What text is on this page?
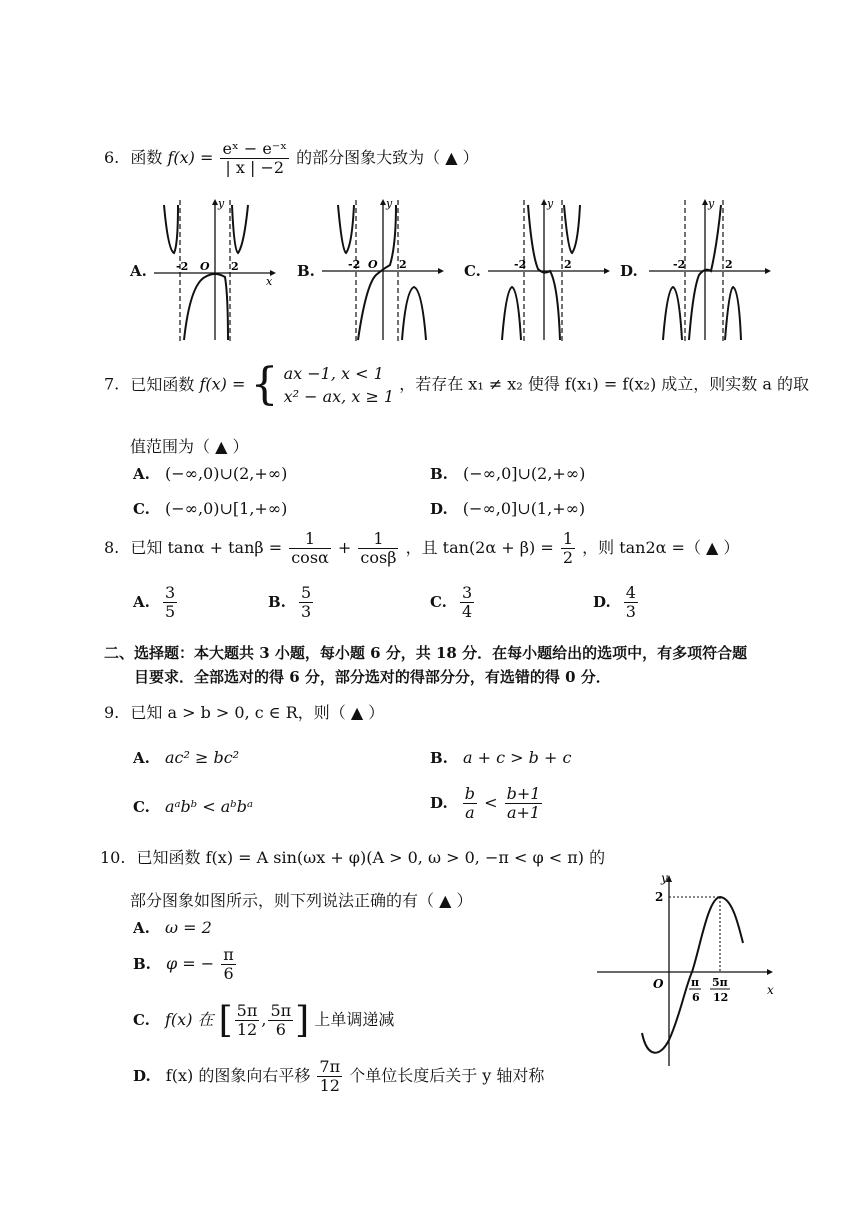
6. 函数 $f(x) = \frac{\text{eˣ − e⁻ˣ}}{| x | -2}$ 的部分图象大致为（ ▲ ）
A.	B.	C.	D.
y
x
-2 O 2
y
-2 O 2
y
-2	2
y
-2	2
7. 已知函数 f(x) = { ax −1, x < 1
x² − ax, x ≥ 1
，若存在 x₁ ≠ x₂ 使得 f(x₁) = f(x₂) 成立，则实数 a 的取
值范围为（ ▲ ）
A. (−∞,0)∪(2,+∞)	B. (−∞,0]∪(2,+∞)
C. (−∞,0)∪[1,+∞)	D. (−∞,0]∪(1,+∞)
8. 已知 $\tan\alpha + \tan\beta = \frac{1}{\cos\alpha} + \frac{1}{\cos\beta}$ ，且 $\tan(2\alpha + \beta) = \frac{1}{2}$ ，则 tan2α =（ ▲ ）
A. $\frac{3}{5}$	B. $\frac{5}{3}$	C. $\frac{3}{4}$	D. $\frac{4}{3}$
二、选择题：本大题共 3 小题，每小题 6 分，共 18 分．在每小题给出的选项中，有多项符合题
目要求．全部选对的得 6 分，部分选对的得部分分，有选错的得 0 分．
9. 已知 a > b > 0, c ∈ R，则（ ▲ ）
A. ac² ≥ bc²	B. a + c > b + c
C. aᵃbᵇ < aᵇbᵃ	D. $\frac{b}{a} < \frac{b+1}{a+1}$
10. 已知函数 f(x) = A sin(ωx + φ)(A > 0, ω > 0, −π < φ < π) 的
部分图象如图所示，则下列说法正确的有（ ▲ ）
A. ω = 2
B. φ = − $\frac{\pi}{6}$
C. f(x) 在 [ $\frac{5\pi}{12}$ , $\frac{5\pi}{6}$ ] 上单调递减
D. f(x) 的图象向右平移 $\frac{7\pi}{12}$ 个单位长度后关于 y 轴对称
y
x
O
2
π
6
5π
12
